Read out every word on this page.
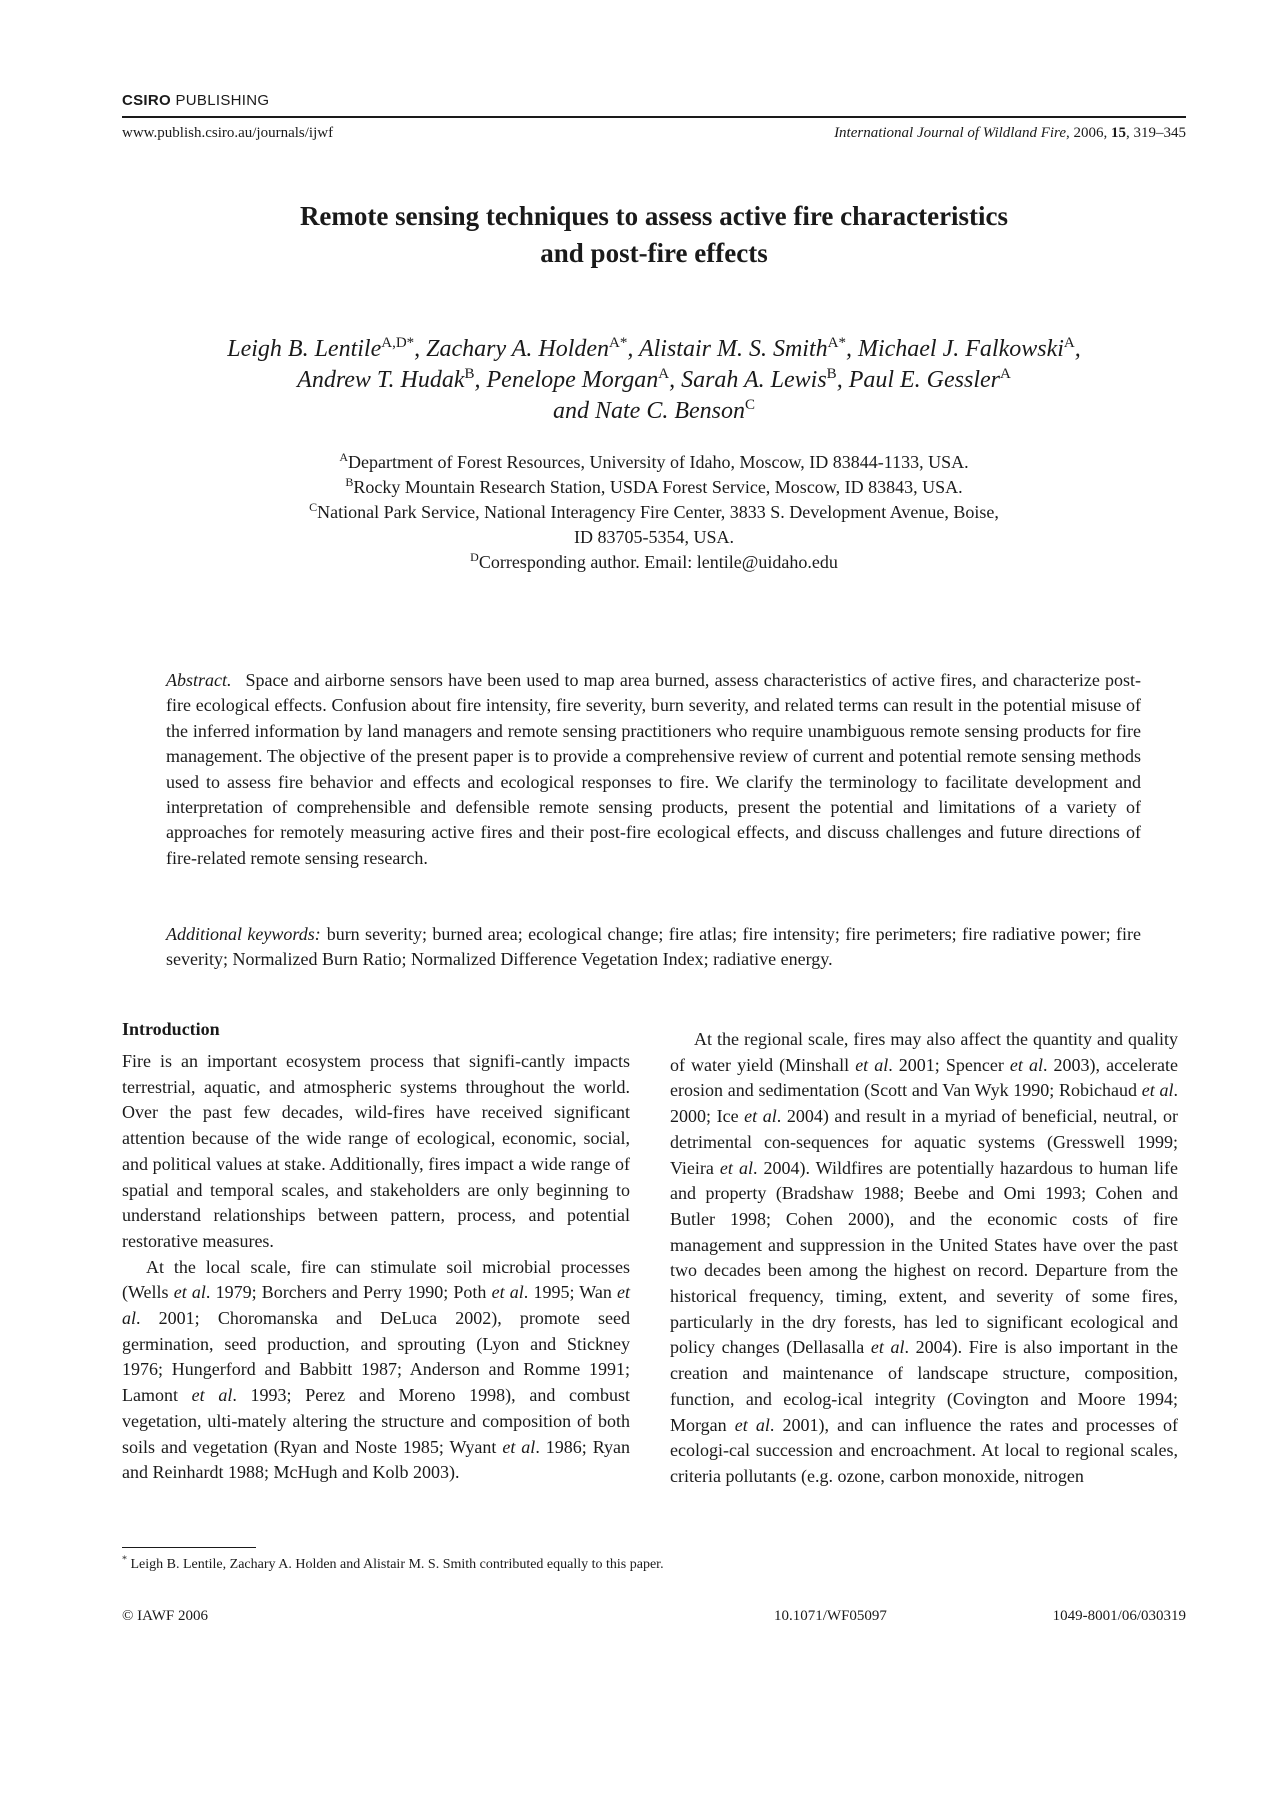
CSIRO PUBLISHING
www.publish.csiro.au/journals/ijwf	International Journal of Wildland Fire, 2006, 15, 319–345
Remote sensing techniques to assess active fire characteristics
and post-fire effects
Leigh B. Lentile$^{A,D*}$, Zachary A. Holden$^{A*}$, Alistair M. S. Smith$^{A*}$, Michael J. Falkowski$^A$,
Andrew T. Hudak$^B$, Penelope Morgan$^A$, Sarah A. Lewis$^B$, Paul E. Gessler$^A$
and Nate C. Benson$^C$
$^A$Department of Forest Resources, University of Idaho, Moscow, ID 83844-1133, USA.
$^B$Rocky Mountain Research Station, USDA Forest Service, Moscow, ID 83843, USA.
$^C$National Park Service, National Interagency Fire Center, 3833 S. Development Avenue, Boise,
ID 83705-5354, USA.
$^D$Corresponding author. Email: lentile@uidaho.edu
Abstract. Space and airborne sensors have been used to map area burned, assess characteristics of active fires, and characterize post-fire ecological effects. Confusion about fire intensity, fire severity, burn severity, and related terms can result in the potential misuse of the inferred information by land managers and remote sensing practitioners who require unambiguous remote sensing products for fire management. The objective of the present paper is to provide a comprehensive review of current and potential remote sensing methods used to assess fire behavior and effects and ecological responses to fire. We clarify the terminology to facilitate development and interpretation of comprehensible and defensible remote sensing products, present the potential and limitations of a variety of approaches for remotely measuring active fires and their post-fire ecological effects, and discuss challenges and future directions of fire-related remote sensing research.
Additional keywords: burn severity; burned area; ecological change; fire atlas; fire intensity; fire perimeters; fire radiative power; fire severity; Normalized Burn Ratio; Normalized Difference Vegetation Index; radiative energy.
Introduction

Fire is an important ecosystem process that signifi-cantly impacts terrestrial, aquatic, and atmospheric systems throughout the world. Over the past few decades, wild-fires have received significant attention because of the wide range of ecological, economic, social, and political values at stake. Additionally, fires impact a wide range of spatial and temporal scales, and stakeholders are only beginning to understand relationships between pattern, process, and potential restorative measures.

At the local scale, fire can stimulate soil microbial processes (Wells et al. 1979; Borchers and Perry 1990; Poth et al. 1995; Wan et al. 2001; Choromanska and DeLuca 2002), promote seed germination, seed production, and sprouting (Lyon and Stickney 1976; Hungerford and Babbitt 1987; Anderson and Romme 1991; Lamont et al. 1993; Perez and Moreno 1998), and combust vegetation, ulti-mately altering the structure and composition of both soils and vegetation (Ryan and Noste 1985; Wyant et al. 1986; Ryan and Reinhardt 1988; McHugh and Kolb 2003).

At the regional scale, fires may also affect the quantity and quality of water yield (Minshall et al. 2001; Spencer et al. 2003), accelerate erosion and sedimentation (Scott and Van Wyk 1990; Robichaud et al. 2000; Ice et al. 2004) and result in a myriad of beneficial, neutral, or detrimental con-sequences for aquatic systems (Gresswell 1999; Vieira et al. 2004). Wildfires are potentially hazardous to human life and property (Bradshaw 1988; Beebe and Omi 1993; Cohen and Butler 1998; Cohen 2000), and the economic costs of fire management and suppression in the United States have over the past two decades been among the highest on record. Departure from the historical frequency, timing, extent, and severity of some fires, particularly in the dry forests, has led to significant ecological and policy changes (Dellasalla et al. 2004). Fire is also important in the creation and maintenance of landscape structure, composition, function, and ecolog-ical integrity (Covington and Moore 1994; Morgan et al. 2001), and can influence the rates and processes of ecologi-cal succession and encroachment. At local to regional scales, criteria pollutants (e.g. ozone, carbon monoxide, nitrogen

* Leigh B. Lentile, Zachary A. Holden and Alistair M. S. Smith contributed equally to this paper.
© IAWF 2006	10.1071/WF05097	1049-8001/06/030319
